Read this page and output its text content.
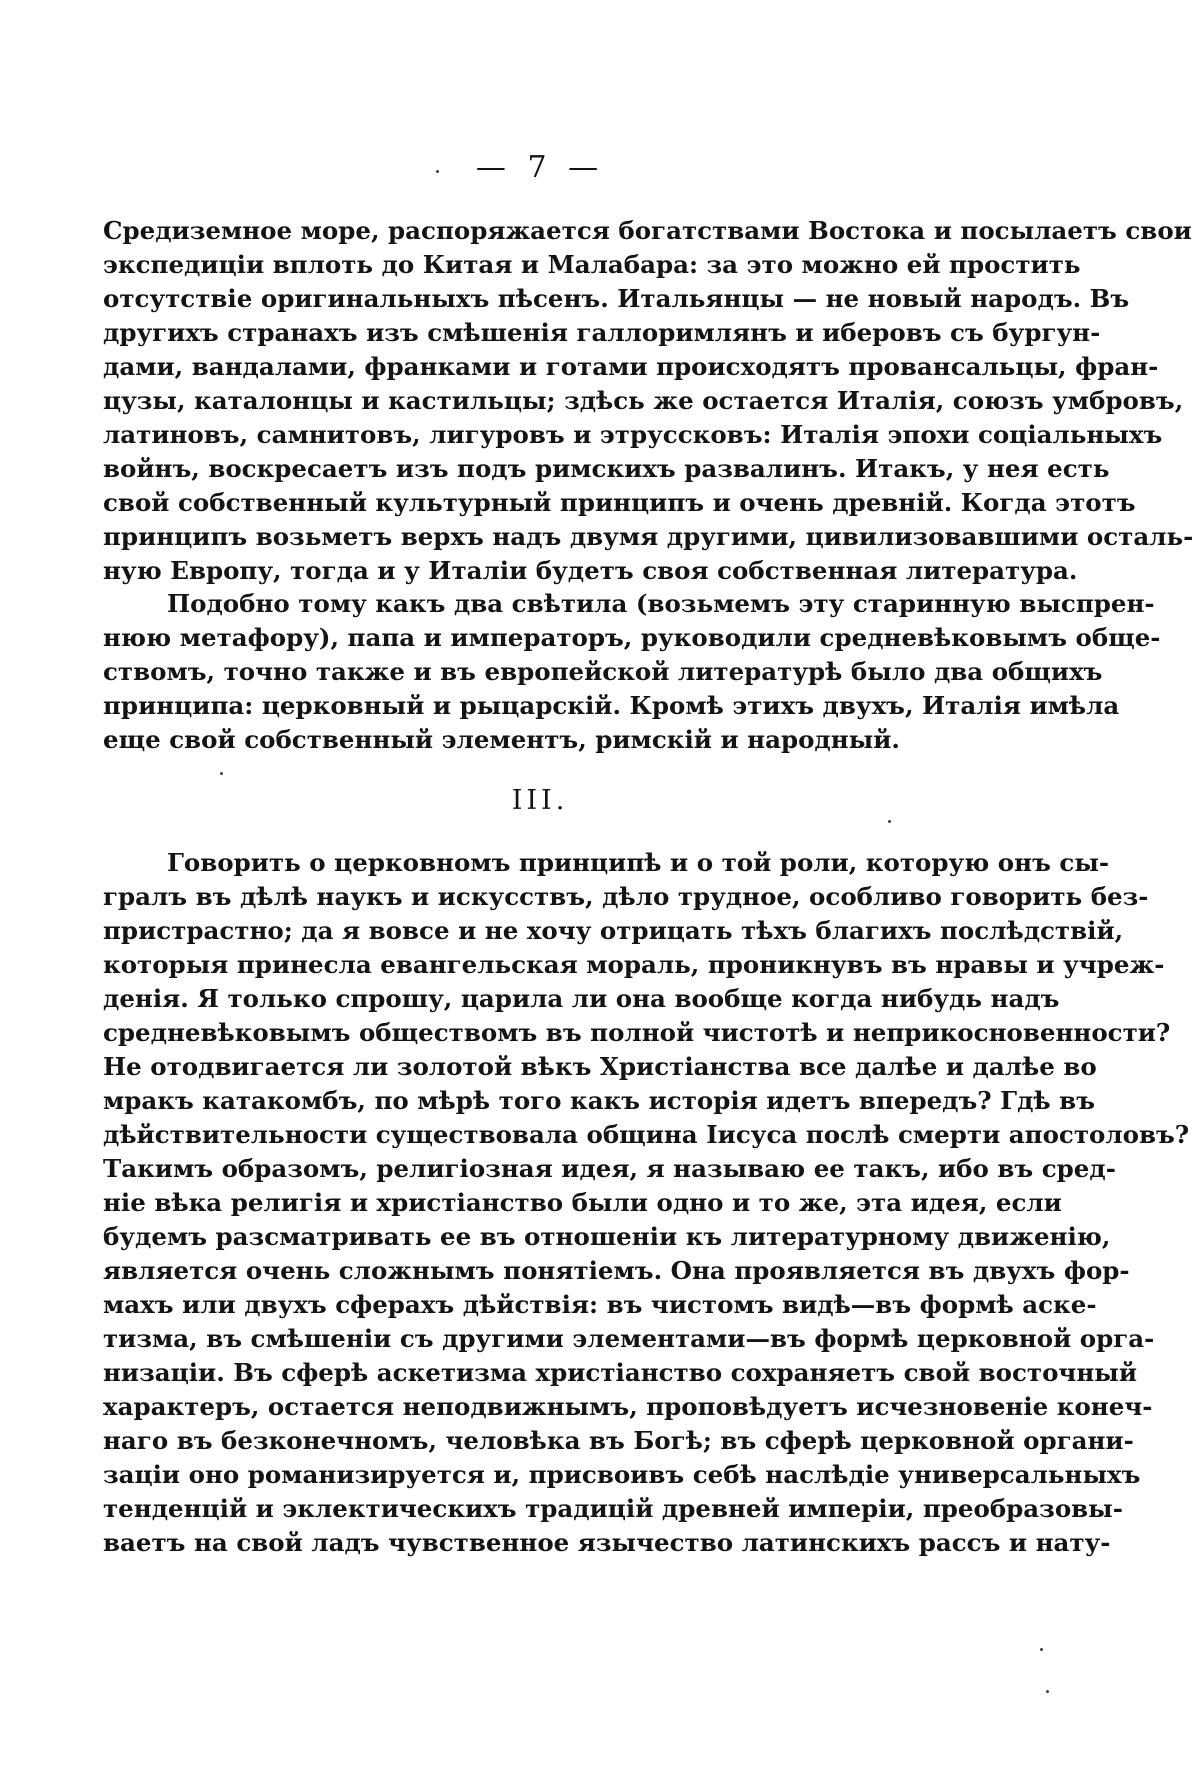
— 7 —
Средиземное море, распоряжается богатствами Востока и посылаетъ свои
экспедиціи вплоть до Китая и Малабара: за это можно ей простить
отсутствіе оригинальныхъ пѣсенъ. Итальянцы — не новый народъ. Въ
другихъ странахъ изъ смѣшенія галлоримлянъ и иберовъ съ бургун-
дами, вандалами, франками и готами происходятъ провансальцы, фран-
цузы, каталонцы и кастильцы; здѣсь же остается Италія, союзъ умбровъ,
латиновъ, самнитовъ, лигуровъ и этруссковъ: Италія эпохи соціальныхъ
войнъ, воскресаетъ изъ подъ римскихъ развалинъ. Итакъ, у нея есть
свой собственный культурный принципъ и очень древній. Когда этотъ
принципъ возьметъ верхъ надъ двумя другими, цивилизовавшими осталь-
ную Европу, тогда и у Италіи будетъ своя собственная литература.
Подобно тому какъ два свѣтила (возьмемъ эту старинную выспрен-
нюю метафору), папа и императоръ, руководили средневѣковымъ обще-
ствомъ, точно также и въ европейской литературѣ было два общихъ
принципа: церковный и рыцарскій. Кромѣ этихъ двухъ, Италія имѣла
еще свой собственный элементъ, римскій и народный.
III.
Говорить о церковномъ принципѣ и о той роли, которую онъ сы-
гралъ въ дѣлѣ наукъ и искусствъ, дѣло трудное, особливо говорить без-
пристрастно; да я вовсе и не хочу отрицать тѣхъ благихъ послѣдствій,
которыя принесла евангельская мораль, проникнувъ въ нравы и учреж-
денія. Я только спрошу, царила ли она вообще когда нибудь надъ
средневѣковымъ обществомъ въ полной чистотѣ и неприкосновенности?
Не отодвигается ли золотой вѣкъ Христіанства все далѣе и далѣе во
мракъ катакомбъ, по мѣрѣ того какъ исторія идетъ впередъ? Гдѣ въ
дѣйствительности существовала община Іисуса послѣ смерти апостоловъ?
Такимъ образомъ, религіозная идея, я называю ее такъ, ибо въ сред-
ніе вѣка религія и христіанство были одно и то же, эта идея, если
будемъ разсматривать ее въ отношеніи къ литературному движенію,
является очень сложнымъ понятіемъ. Она проявляется въ двухъ фор-
махъ или двухъ сферахъ дѣйствія: въ чистомъ видѣ—въ формѣ аске-
тизма, въ смѣшеніи съ другими элементами—въ формѣ церковной орга-
низаціи. Въ сферѣ аскетизма христіанство сохраняетъ свой восточный
характеръ, остается неподвижнымъ, проповѣдуетъ исчезновеніе конеч-
наго въ безконечномъ, человѣка въ Богѣ; въ сферѣ церковной органи-
заціи оно романизируется и, присвоивъ себѣ наслѣдіе универсальныхъ
тенденцій и эклектическихъ традицій древней имперіи, преобразовы-
ваетъ на свой ладъ чувственное язычество латинскихъ рассъ и нату-
